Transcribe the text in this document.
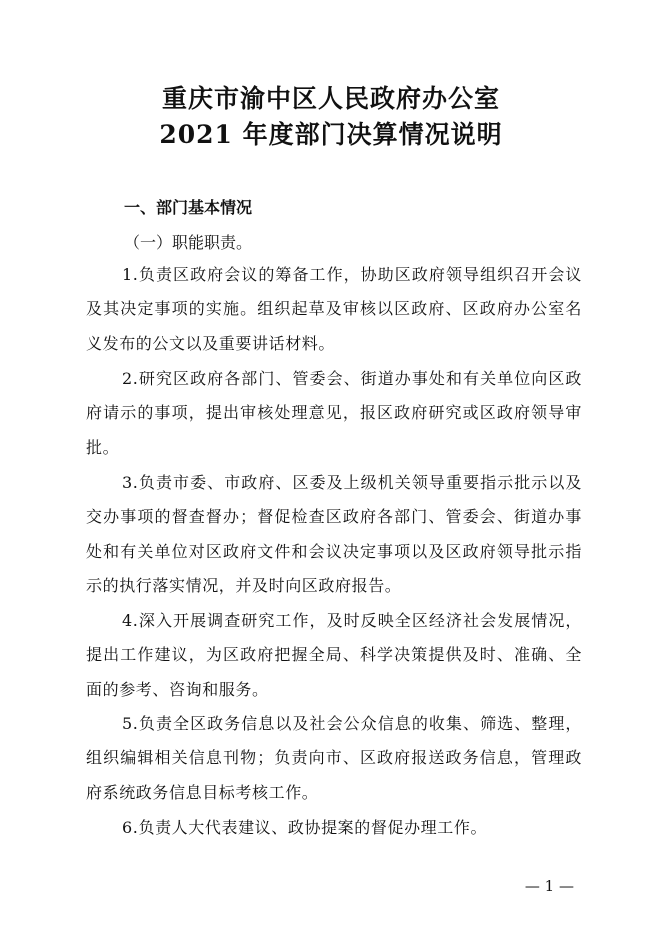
重庆市渝中区人民政府办公室
2021 年度部门决算情况说明
一、部门基本情况
（一）职能职责。
1.负责区政府会议的筹备工作，协助区政府领导组织召开会议及其决定事项的实施。组织起草及审核以区政府、区政府办公室名义发布的公文以及重要讲话材料。
2.研究区政府各部门、管委会、街道办事处和有关单位向区政府请示的事项，提出审核处理意见，报区政府研究或区政府领导审批。
3.负责市委、市政府、区委及上级机关领导重要指示批示以及交办事项的督查督办；督促检查区政府各部门、管委会、街道办事处和有关单位对区政府文件和会议决定事项以及区政府领导批示指示的执行落实情况，并及时向区政府报告。
4.深入开展调查研究工作，及时反映全区经济社会发展情况，提出工作建议，为区政府把握全局、科学决策提供及时、准确、全面的参考、咨询和服务。
5.负责全区政务信息以及社会公众信息的收集、筛选、整理，组织编辑相关信息刊物；负责向市、区政府报送政务信息，管理政府系统政务信息目标考核工作。
6.负责人大代表建议、政协提案的督促办理工作。
— 1 —
